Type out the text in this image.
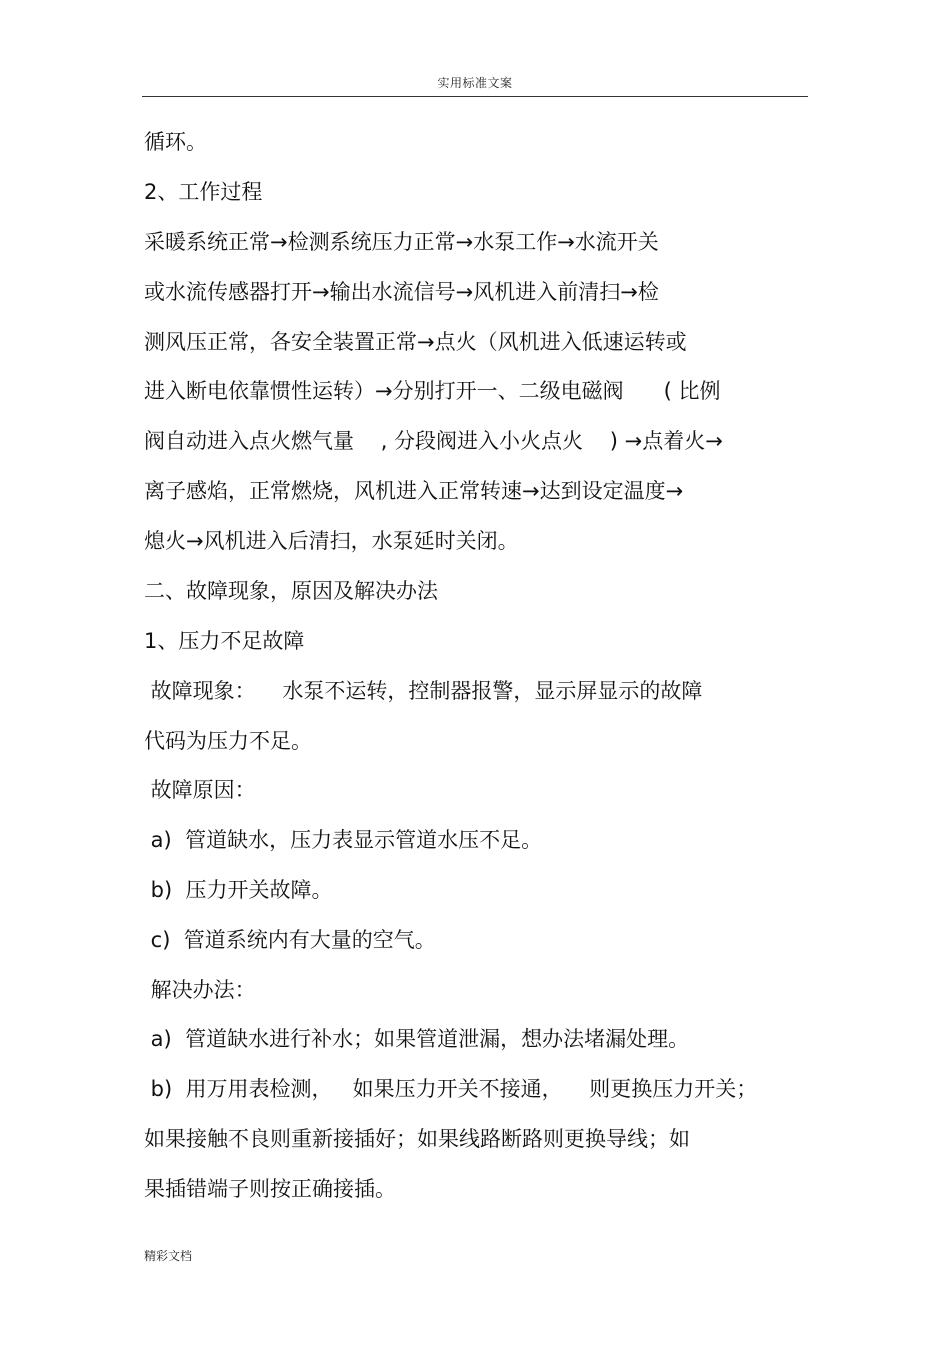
实用标准文案
循环。
2、工作过程
采暖系统正常→检测系统压力正常→水泵工作→水流开关
或水流传感器打开→输出水流信号→风机进入前清扫→检
测风压正常，各安全装置正常→点火（风机进入低速运转或
进入断电依靠惯性运转）→分别打开一、二级电磁阀      ( 比例
阀自动进入点火燃气量    , 分段阀进入小火点火    ) →点着火→
离子感焰，正常燃烧，风机进入正常转速→达到设定温度→
熄火→风机进入后清扫，水泵延时关闭。
二、故障现象，原因及解决办法
1、压力不足故障
故障现象：    水泵不运转，控制器报警，显示屏显示的故障
代码为压力不足。
故障原因：
a)  管道缺水，压力表显示管道水压不足。
b)  压力开关故障。
c)  管道系统内有大量的空气。
解决办法：
a)  管道缺水进行补水；如果管道泄漏，想办法堵漏处理。
b)  用万用表检测，   如果压力开关不接通，    则更换压力开关；
如果接触不良则重新接插好；如果线路断路则更换导线；如
果插错端子则按正确接插。
精彩文档
